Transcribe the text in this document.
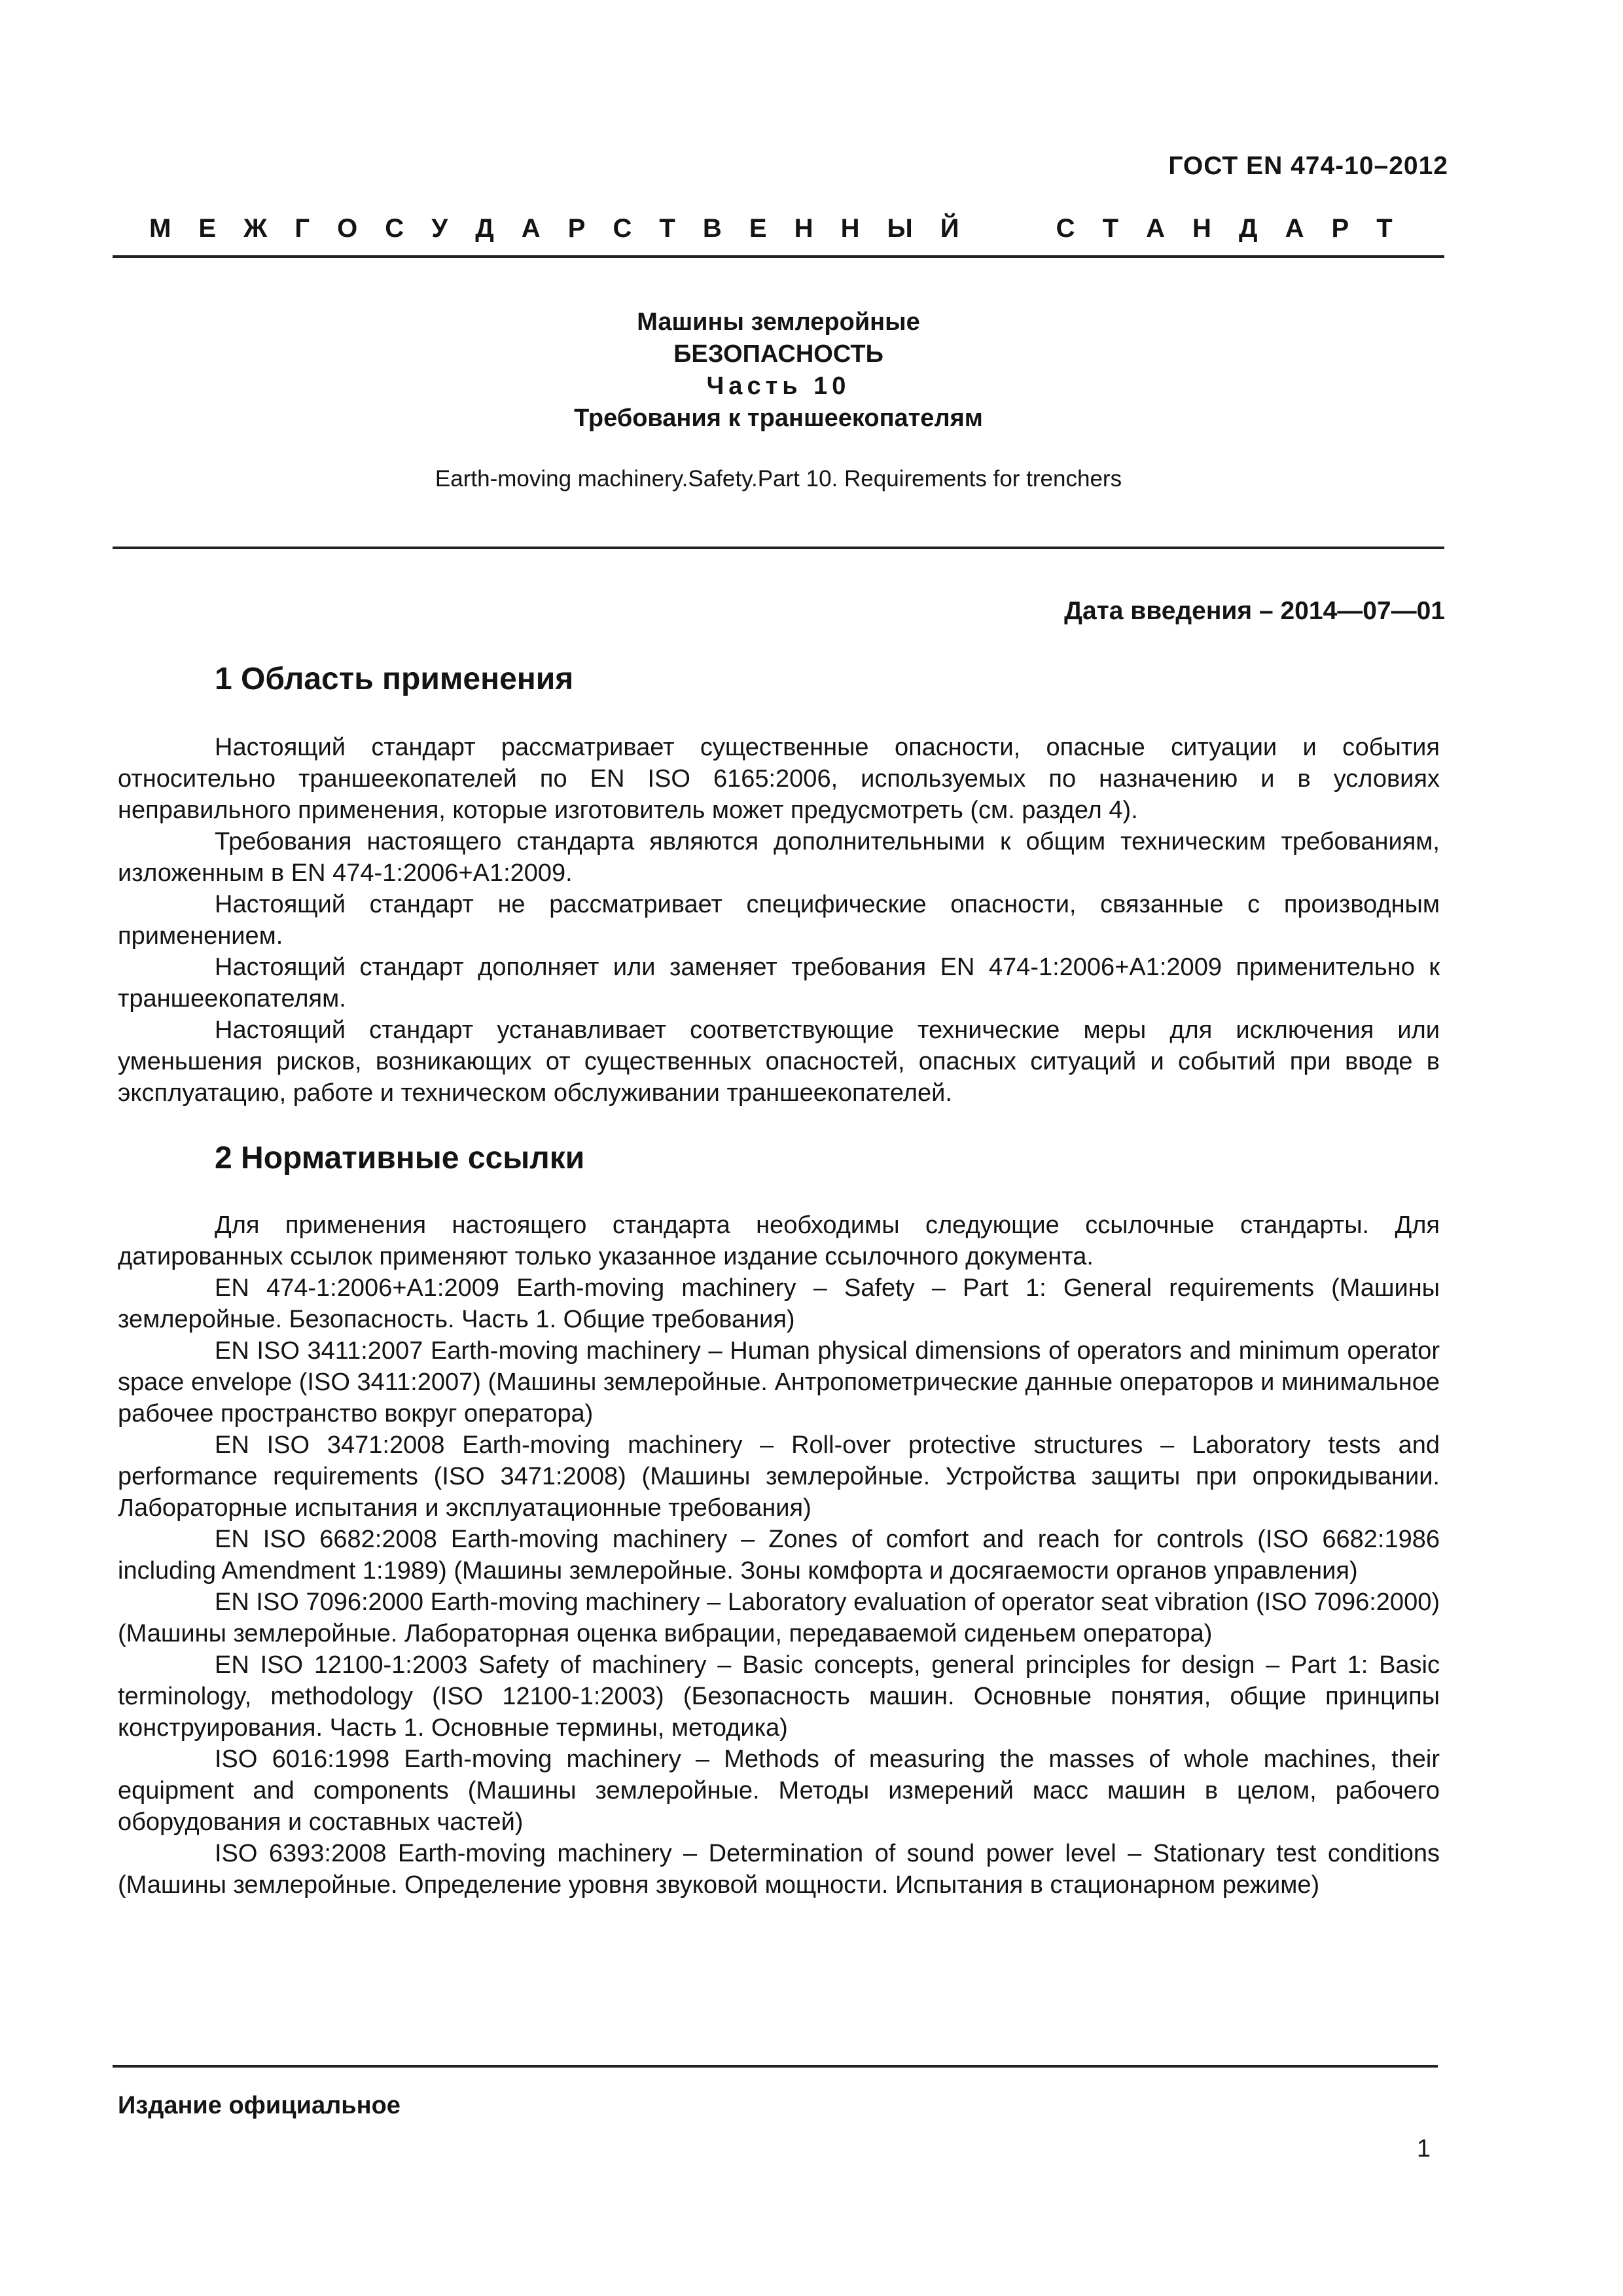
ГОСТ EN 474-10–2012
М Е Ж Г О С У Д А Р С Т В Е Н Н Ы Й	С Т А Н Д А Р Т
Машины землеройные
БЕЗОПАСНОСТЬ
Часть 10
Требования к траншеекопателям
Earth-moving machinery.Safety.Part 10. Requirements for trenchers
Дата введения – 2014—07—01
1 Область применения

Настоящий стандарт рассматривает существенные опасности, опасные ситуации и события относительно траншеекопателей по EN ISO 6165:2006, используемых по назначению и в условиях неправильного применения, которые изготовитель может предусмотреть (см. раздел 4).

Требования настоящего стандарта являются дополнительными к общим техническим требованиям, изложенным в EN 474-1:2006+A1:2009.

Настоящий стандарт не рассматривает специфические опасности, связанные с производным применением.

Настоящий стандарт дополняет или заменяет требования EN 474-1:2006+A1:2009 применительно к траншеекопателям.

Настоящий стандарт устанавливает соответствующие технические меры для исключения или уменьшения рисков, возникающих от существенных опасностей, опасных ситуаций и событий при вводе в эксплуатацию, работе и техническом обслуживании траншеекопателей.

2 Нормативные ссылки

Для применения настоящего стандарта необходимы следующие ссылочные стандарты. Для датированных ссылок применяют только указанное издание ссылочного документа.

EN 474-1:2006+A1:2009 Earth-moving machinery – Safety – Part 1: General requirements (Машины землеройные. Безопасность. Часть 1. Общие требования)

EN ISO 3411:2007 Earth-moving machinery – Human physical dimensions of operators and minimum operator space envelope (ISO 3411:2007) (Машины землеройные. Антропометрические данные операторов и минимальное рабочее пространство вокруг оператора)

EN ISO 3471:2008 Earth-moving machinery – Roll-over protective structures – Laboratory tests and performance requirements (ISO 3471:2008) (Машины землеройные. Устройства защиты при опрокидывании. Лабораторные испытания и эксплуатационные требования)

EN ISO 6682:2008 Earth-moving machinery – Zones of comfort and reach for controls (ISO 6682:1986 including Amendment 1:1989) (Машины землеройные. Зоны комфорта и досягаемости органов управления)

EN ISO 7096:2000 Earth-moving machinery – Laboratory evaluation of operator seat vibration (ISO 7096:2000) (Машины землеройные. Лабораторная оценка вибрации, передаваемой сиденьем оператора)

EN ISO 12100-1:2003 Safety of machinery – Basic concepts, general principles for design – Part 1: Basic terminology, methodology (ISO 12100-1:2003) (Безопасность машин. Основные понятия, общие принципы конструирования. Часть 1. Основные термины, методика)

ISO 6016:1998 Earth-moving machinery – Methods of measuring the masses of whole machines, their equipment and components (Машины землеройные. Методы измерений масс машин в целом, рабочего оборудования и составных частей)

ISO 6393:2008 Earth-moving machinery – Determination of sound power level – Stationary test conditions (Машины землеройные. Определение уровня звуковой мощности. Испытания в стационарном режиме)

Издание официальное
1
